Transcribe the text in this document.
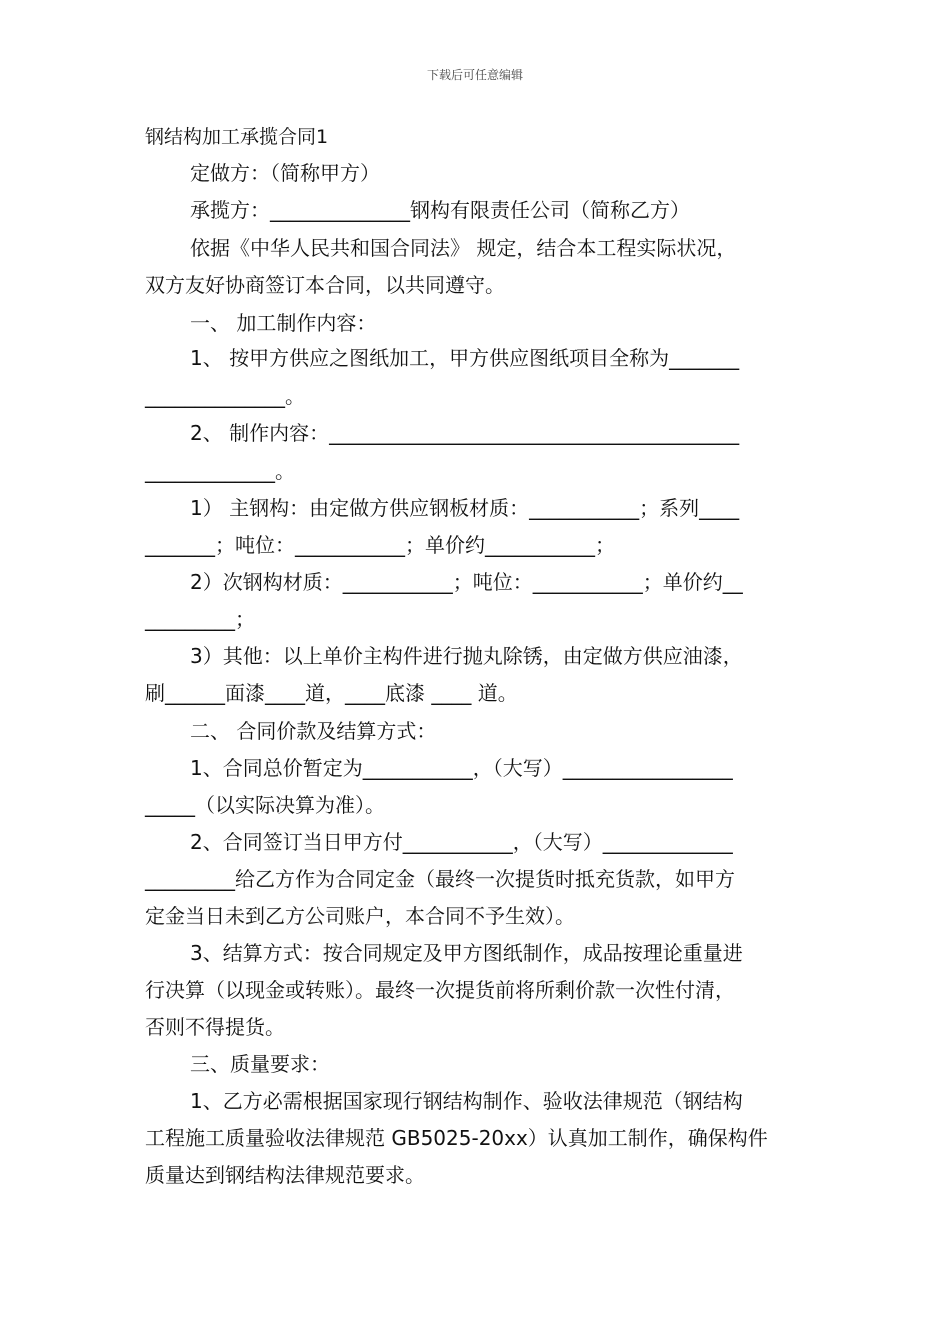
下载后可任意编辑
钢结构加工承揽合同1
定做方：（简称甲方）
承揽方：______________钢构有限责任公司（简称乙方）
依据《中华人民共和国合同法》 规定，结合本工程实际状况，
双方友好协商签订本合同，以共同遵守。
一、 加工制作内容：
1、 按甲方供应之图纸加工，甲方供应图纸项目全称为_______
______________。
2、 制作内容：_________________________________________
_____________。
1） 主钢构：由定做方供应钢板材质：___________；系列____
_______；吨位：___________；单价约___________；
2）次钢构材质：___________；吨位：___________；单价约__
_________；
3）其他：以上单价主构件进行抛丸除锈，由定做方供应油漆，
刷______面漆____道，____底漆 ____ 道。
二、 合同价款及结算方式：
1、合同总价暂定为___________，（大写）_________________
_____（以实际决算为准）。
2、合同签订当日甲方付___________，（大写）_____________
_________给乙方作为合同定金（最终一次提货时抵充货款，如甲方
定金当日未到乙方公司账户，本合同不予生效）。
3、结算方式：按合同规定及甲方图纸制作，成品按理论重量进
行决算（以现金或转账）。最终一次提货前将所剩价款一次性付清，
否则不得提货。
三、质量要求：
1、乙方必需根据国家现行钢结构制作、验收法律规范（钢结构
工程施工质量验收法律规范 GB5025-20xx）认真加工制作，确保构件
质量达到钢结构法律规范要求。
